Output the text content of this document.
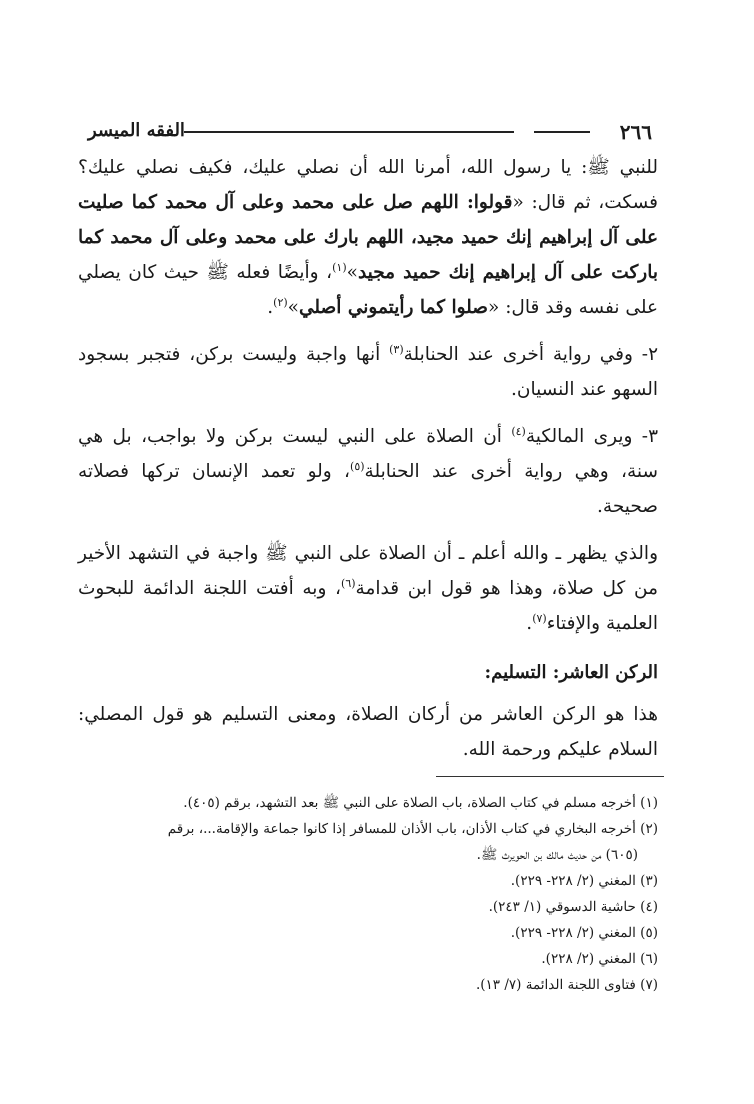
٢٦٦
الفقه الميسر

للنبي ﷺ: يا رسول الله، أمرنا الله أن نصلي عليك، فكيف نصلي عليك؟ فسكت، ثم قال: «قولوا: اللهم صل على محمد وعلى آل محمد كما صليت على آل إبراهيم إنك حميد مجيد، اللهم بارك على محمد وعلى آل محمد كما باركت على آل إبراهيم إنك حميد مجيد»$^{(١)}$، وأيضًا فعله ﷺ حيث كان يصلي على نفسه وقد قال: «صلوا كما رأيتموني أصلي»$^{(٢)}$.

٢- وفي رواية أخرى عند الحنابلة$^{(٣)}$ أنها واجبة وليست بركن، فتجبر بسجود السهو عند النسيان.

٣- ويرى المالكية$^{(٤)}$ أن الصلاة على النبي ليست بركن ولا بواجب، بل هي سنة، وهي رواية أخرى عند الحنابلة$^{(٥)}$، ولو تعمد الإنسان تركها فصلاته صحيحة.

والذي يظهر ـ والله أعلم ـ أن الصلاة على النبي ﷺ واجبة في التشهد الأخير من كل صلاة، وهذا هو قول ابن قدامة$^{(٦)}$، وبه أفتت اللجنة الدائمة للبحوث العلمية والإفتاء$^{(٧)}$.

الركن العاشر: التسليم:

هذا هو الركن العاشر من أركان الصلاة، ومعنى التسليم هو قول المصلي: السلام عليكم ورحمة الله.

(١) أخرجه مسلم في كتاب الصلاة، باب الصلاة على النبي ﷺ بعد التشهد، برقم (٤٠٥).

(٢) أخرجه البخاري في كتاب الأذان، باب الأذان للمسافر إذا كانوا جماعة والإقامة...، برقم

(٦٠٥) من حديث مالك بن الحويرث ﷺ.

(٣) المغني (٢/ ٢٢٨- ٢٢٩).

(٤) حاشية الدسوقي (١/ ٢٤٣).

(٥) المغني (٢/ ٢٢٨- ٢٢٩).

(٦) المغني (٢/ ٢٢٨).

(٧) فتاوى اللجنة الدائمة (٧/ ١٣).
